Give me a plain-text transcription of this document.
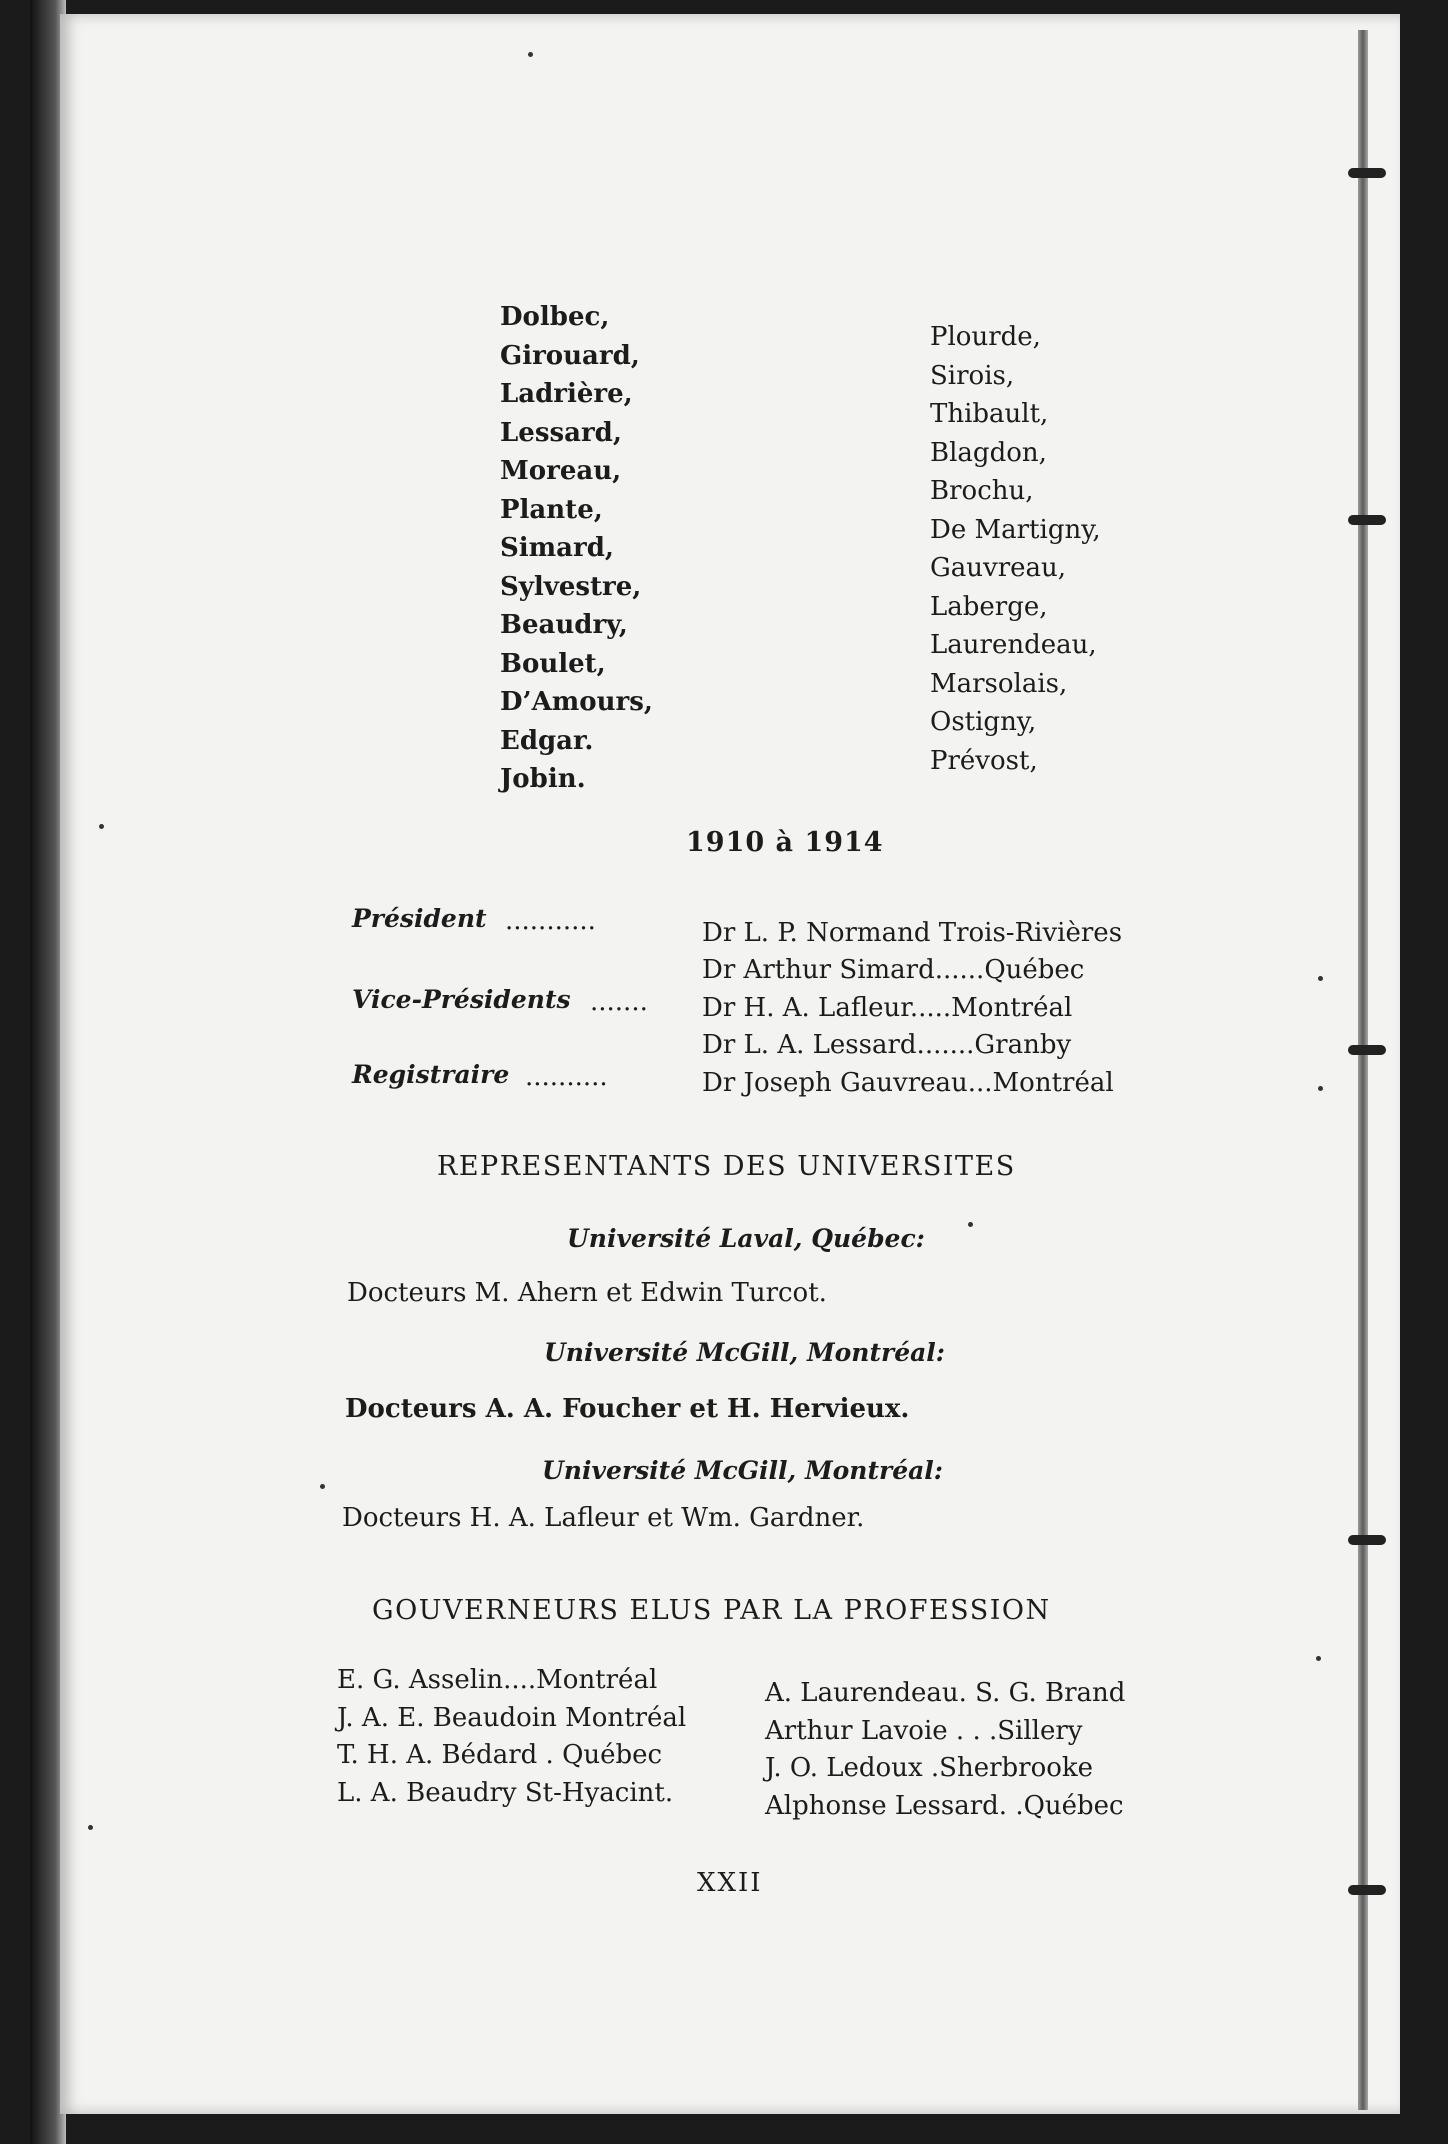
Dolbec,
Girouard,
Ladrière,
Lessard,
Moreau,
Plante,
Simard,
Sylvestre,
Beaudry,
Boulet,
D’Amours,
Edgar.
Jobin.
Plourde,
Sirois,
Thibault,
Blagdon,
Brochu,
De Martigny,
Gauvreau,
Laberge,
Laurendeau,
Marsolais,
Ostigny,
Prévost,
1910 à 1914
Président ...........	Dr L. P. Normand Trois-Rivières
Dr Arthur Simard......Québec
Vice-Présidents ....... Dr H. A. Lafleur.....Montréal
Dr L. A. Lessard.......Granby
Registraire ..........	Dr Joseph Gauvreau...Montréal
REPRESENTANTS DES UNIVERSITES
Université Laval, Québec:
Docteurs M. Ahern et Edwin Turcot.
Université McGill, Montréal:
Docteurs A. A. Foucher et H. Hervieux.
Université McGill, Montréal:
Docteurs H. A. Lafleur et Wm. Gardner.
GOUVERNEURS ELUS PAR LA PROFESSION
E. G. Asselin....Montréal
J. A. E. Beaudoin Montréal
T. H. A. Bédard . Québec
L. A. Beaudry St-Hyacint.
A. Laurendeau. S. G. Brand
Arthur Lavoie . . .Sillery
J. O. Ledoux .Sherbrooke
Alphonse Lessard. .Québec
XXII
